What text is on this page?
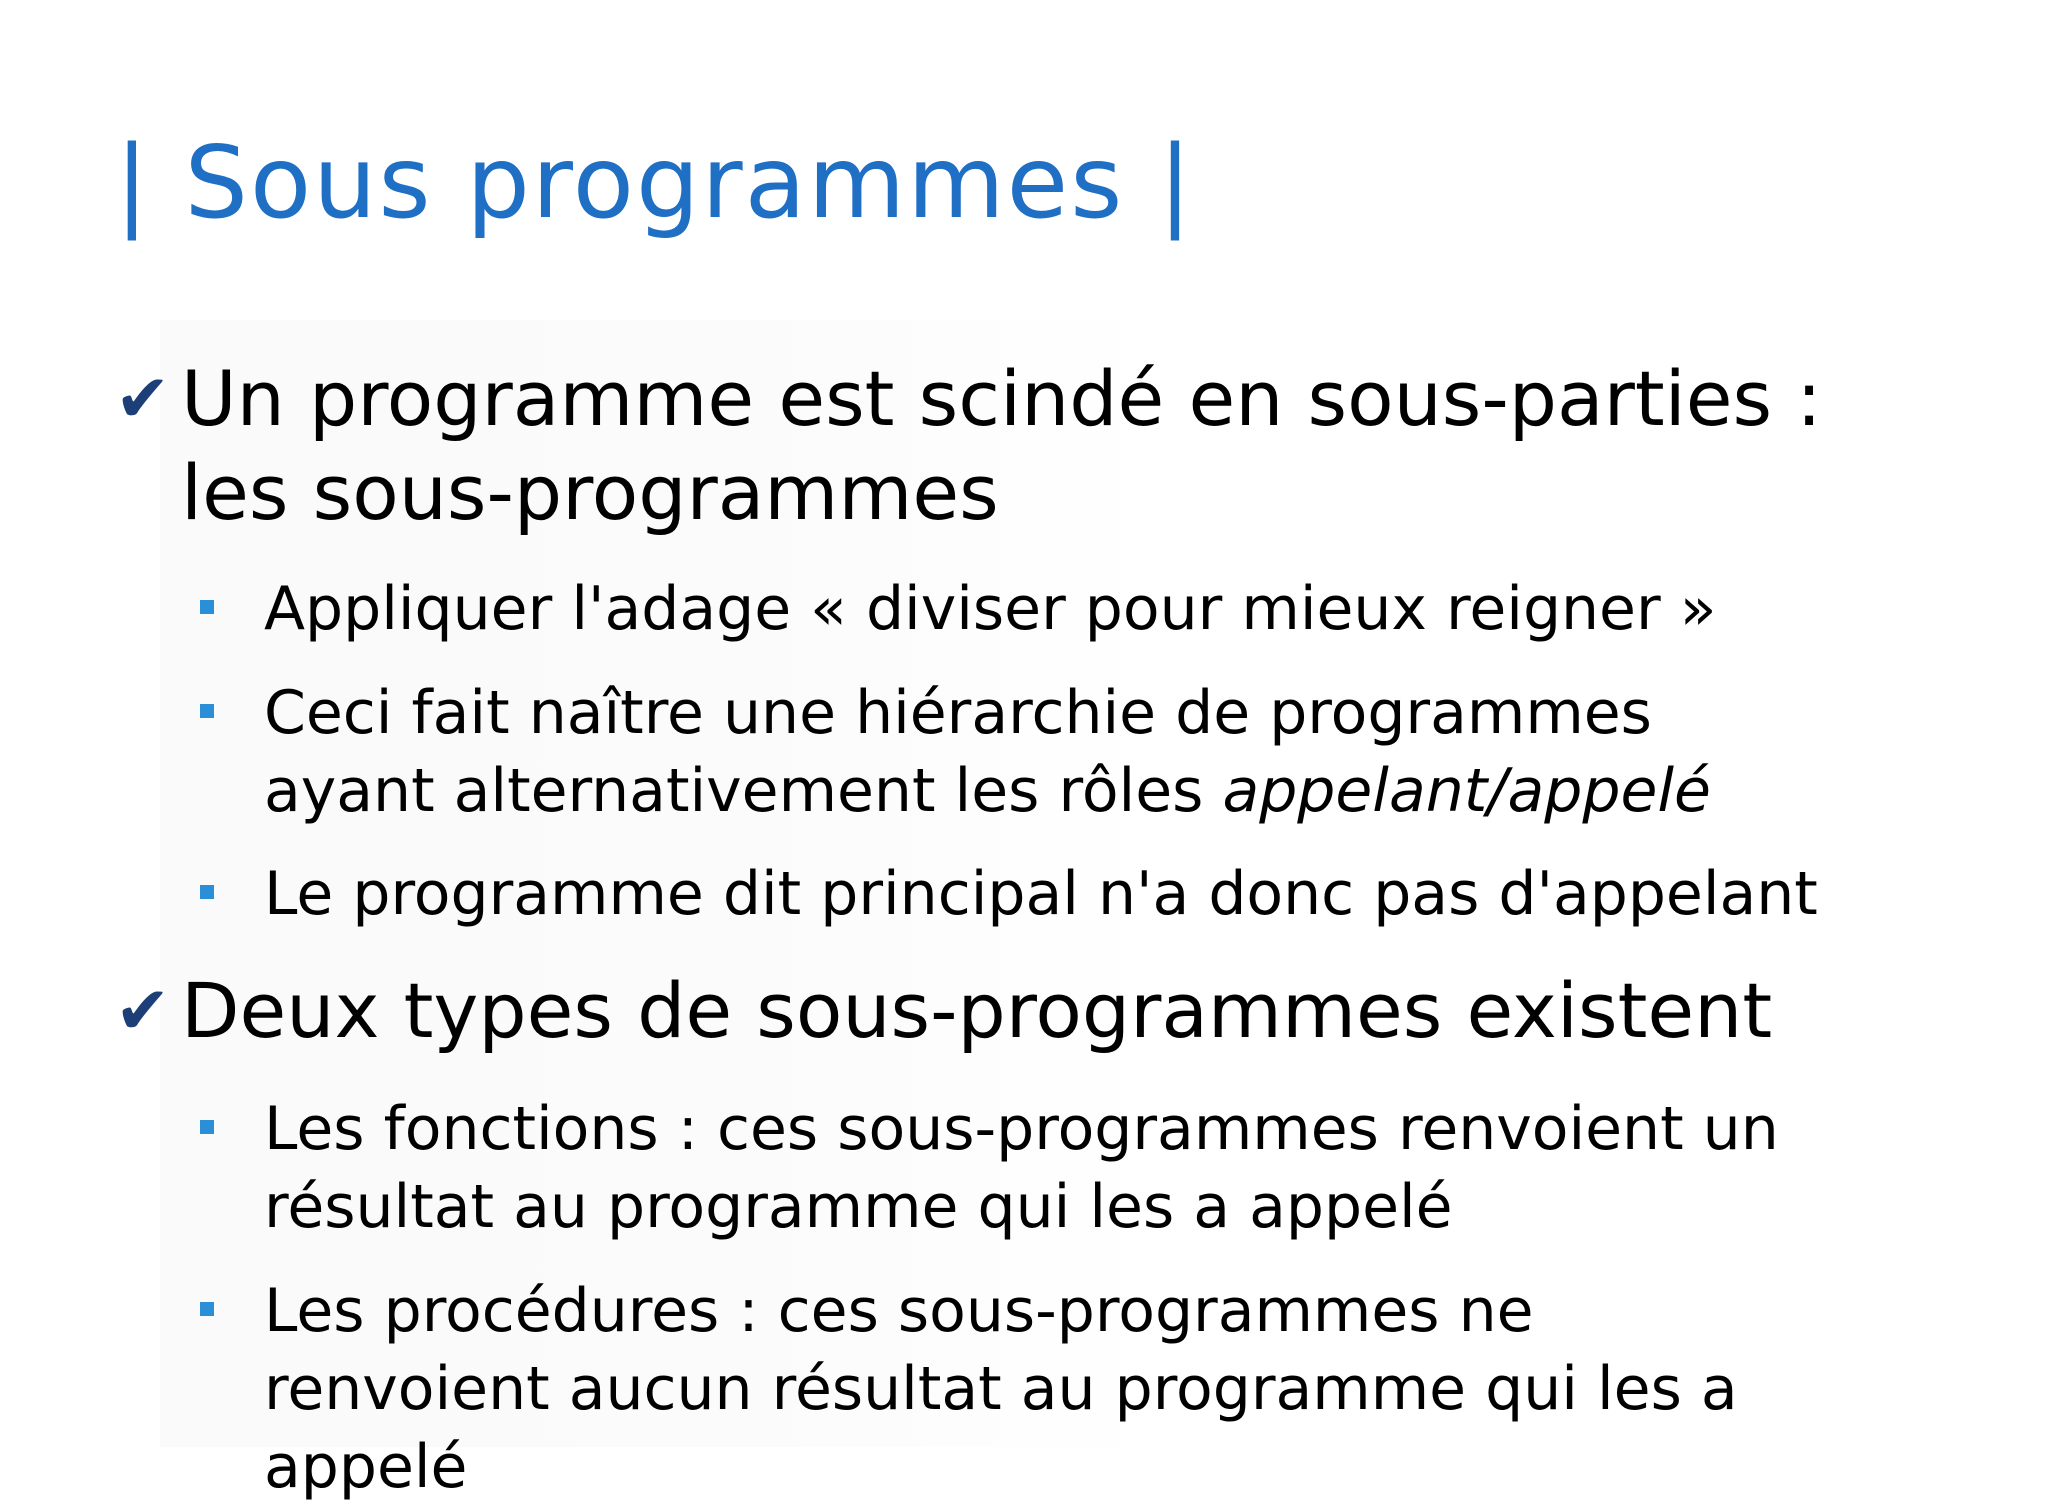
| Sous programmes |
✔ Un programme est scindé en sous-parties : les sous-programmes
Appliquer l'adage « diviser pour mieux reigner »
Ceci fait naître une hiérarchie de programmes ayant alternativement les rôles appelant/appelé
Le programme dit principal n'a donc pas d'appelant
✔ Deux types de sous-programmes existent
Les fonctions : ces sous-programmes renvoient un résultat au programme qui les a appelé
Les procédures : ces sous-programmes ne renvoient aucun résultat au programme qui les a appelé
